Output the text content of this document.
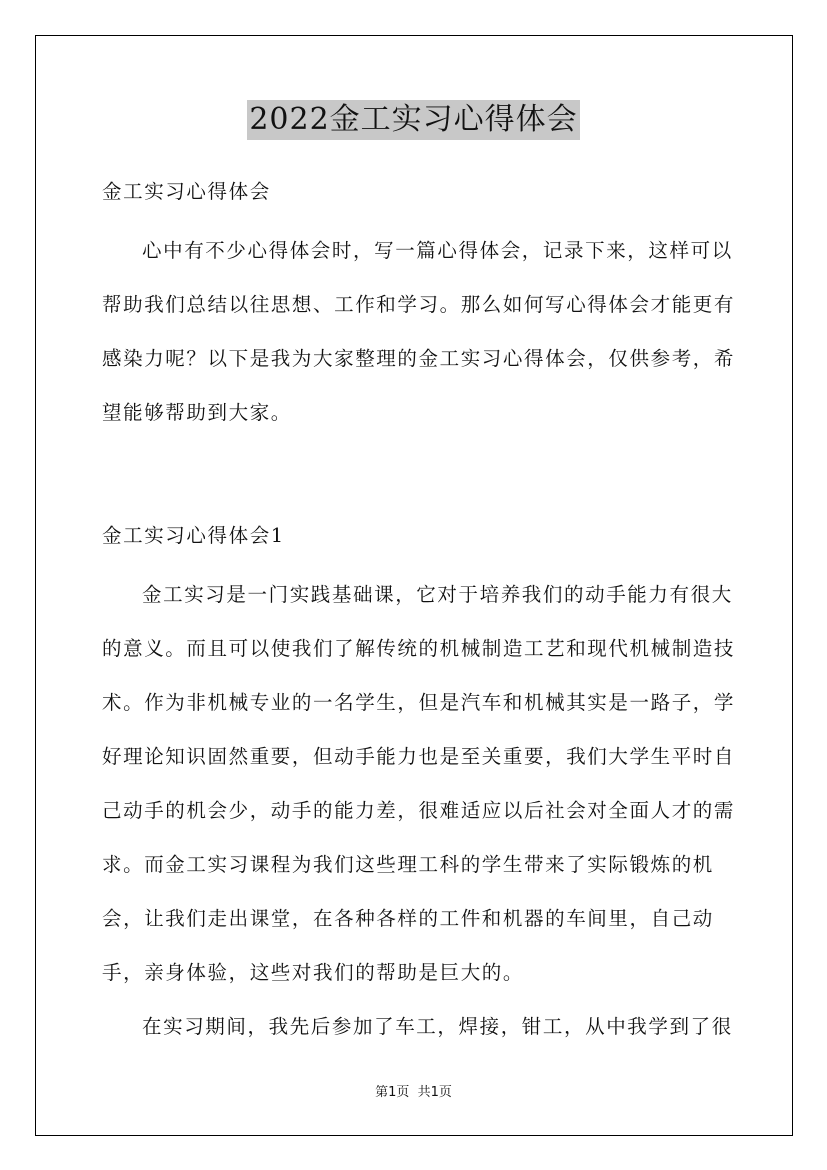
2022金工实习心得体会

金工实习心得体会

心中有不少心得体会时，写一篇心得体会，记录下来，这样可以帮助我们总结以往思想、工作和学习。那么如何写心得体会才能更有感染力呢？以下是我为大家整理的金工实习心得体会，仅供参考，希望能够帮助到大家。

金工实习心得体会1

金工实习是一门实践基础课，它对于培养我们的动手能力有很大的意义。而且可以使我们了解传统的机械制造工艺和现代机械制造技术。作为非机械专业的一名学生，但是汽车和机械其实是一路子，学好理论知识固然重要，但动手能力也是至关重要，我们大学生平时自己动手的机会少，动手的能力差，很难适应以后社会对全面人才的需求。而金工实习课程为我们这些理工科的学生带来了实际锻炼的机会，让我们走出课堂，在各种各样的工件和机器的车间里，自己动手，亲身体验，这些对我们的帮助是巨大的。

在实习期间，我先后参加了车工，焊接，钳工，从中我学到了很

第1页  共1页
